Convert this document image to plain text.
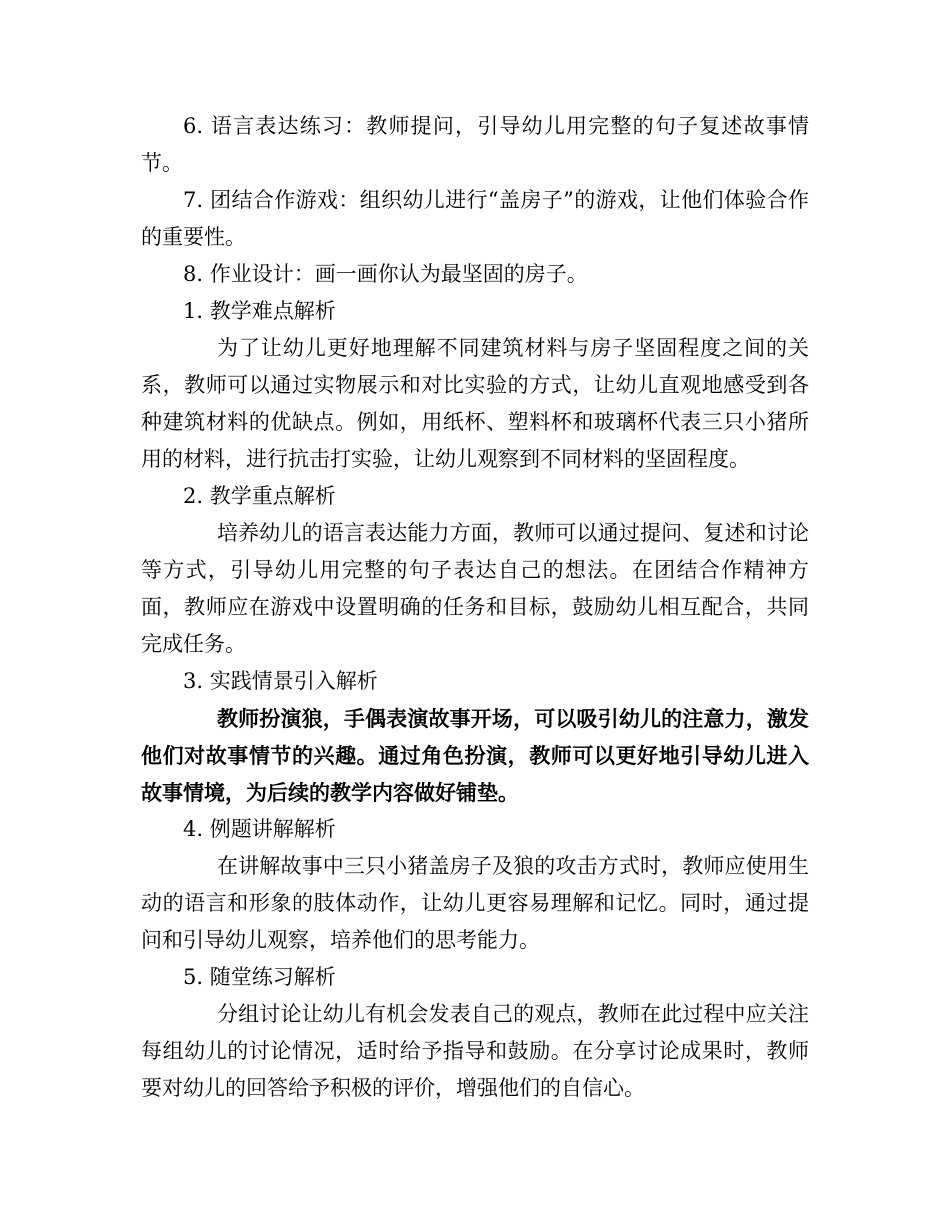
6. 语言表达练习：教师提问，引导幼儿用完整的句子复述故事情节。

7. 团结合作游戏：组织幼儿进行“盖房子”的游戏，让他们体验合作的重要性。

8. 作业设计：画一画你认为最坚固的房子。

1. 教学难点解析

为了让幼儿更好地理解不同建筑材料与房子坚固程度之间的关系，教师可以通过实物展示和对比实验的方式，让幼儿直观地感受到各种建筑材料的优缺点。例如，用纸杯、塑料杯和玻璃杯代表三只小猪所用的材料，进行抗击打实验，让幼儿观察到不同材料的坚固程度。

2. 教学重点解析

培养幼儿的语言表达能力方面，教师可以通过提问、复述和讨论等方式，引导幼儿用完整的句子表达自己的想法。在团结合作精神方面，教师应在游戏中设置明确的任务和目标，鼓励幼儿相互配合，共同完成任务。

3. 实践情景引入解析

教师扮演狼，手偶表演故事开场，可以吸引幼儿的注意力，激发他们对故事情节的兴趣。通过角色扮演，教师可以更好地引导幼儿进入故事情境，为后续的教学内容做好铺垫。

4. 例题讲解解析

在讲解故事中三只小猪盖房子及狼的攻击方式时，教师应使用生动的语言和形象的肢体动作，让幼儿更容易理解和记忆。同时，通过提问和引导幼儿观察，培养他们的思考能力。

5. 随堂练习解析

分组讨论让幼儿有机会发表自己的观点，教师在此过程中应关注每组幼儿的讨论情况，适时给予指导和鼓励。在分享讨论成果时，教师要对幼儿的回答给予积极的评价，增强他们的自信心。
